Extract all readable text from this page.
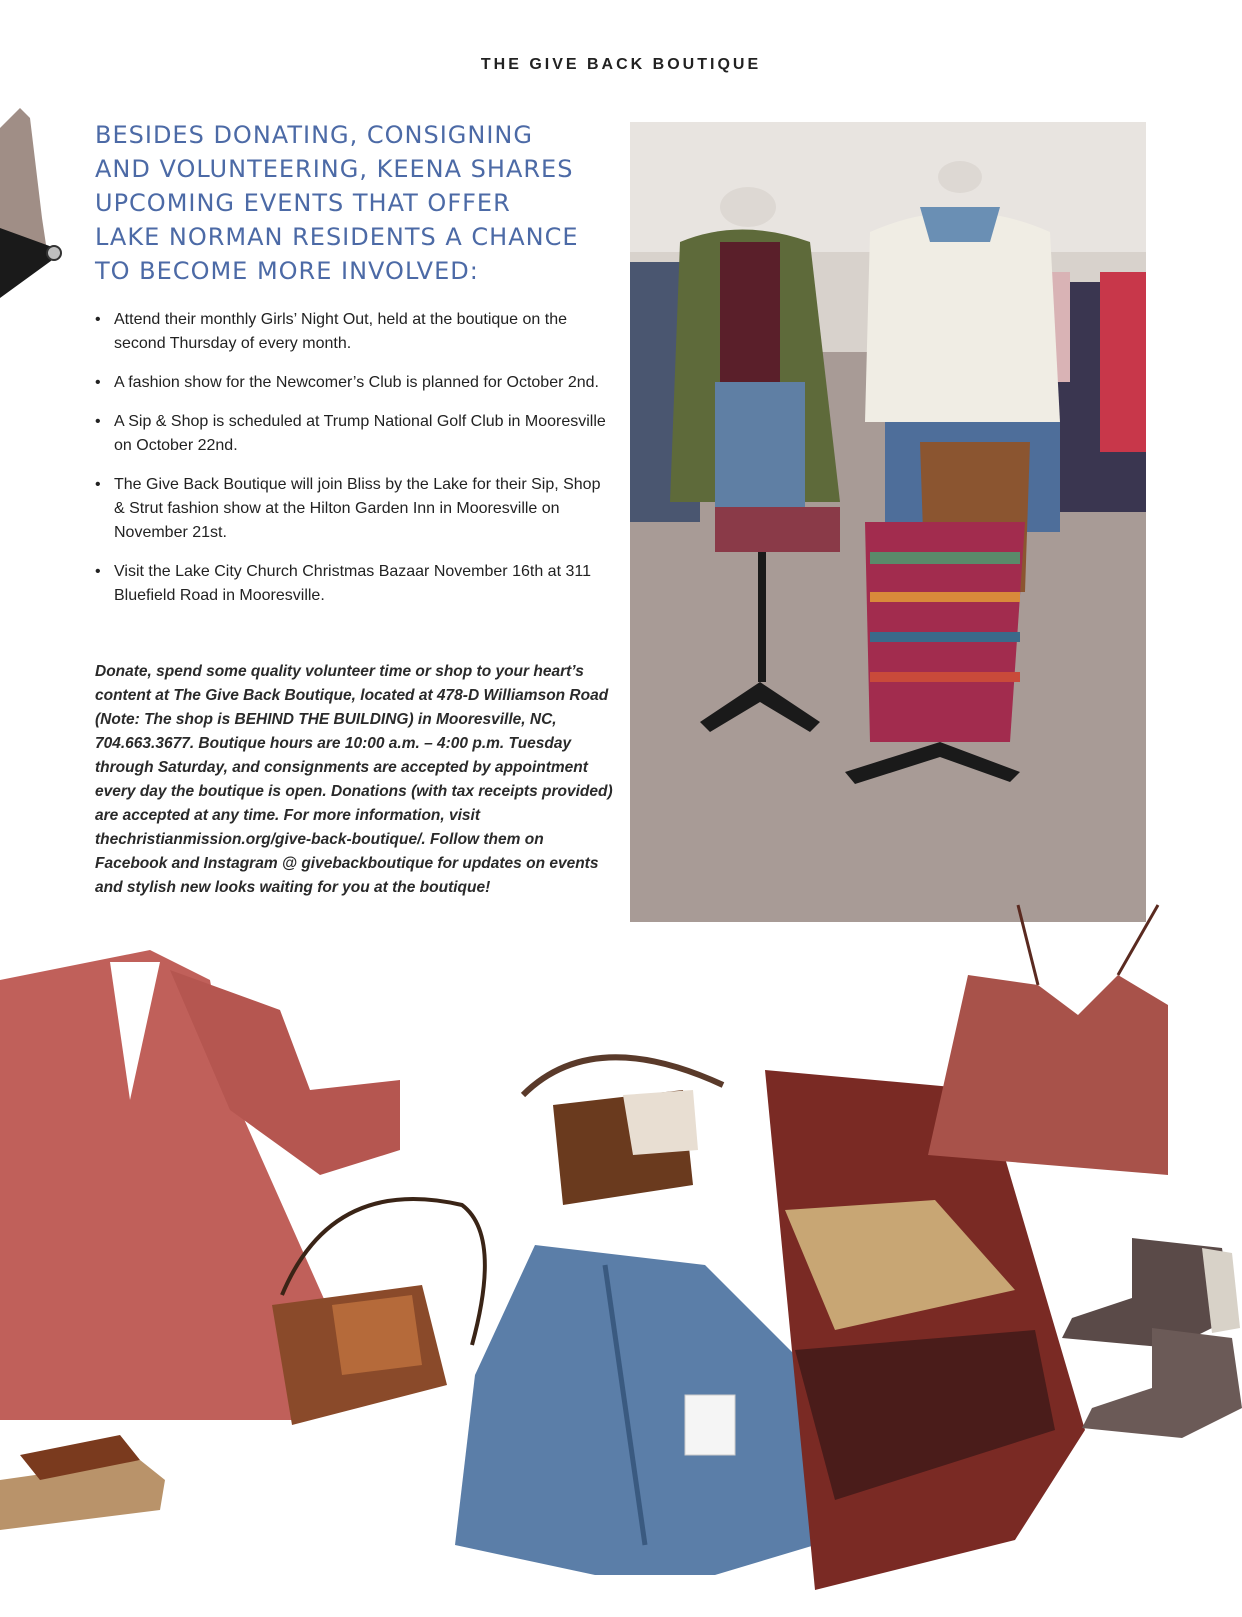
THE GIVE BACK BOUTIQUE
BESIDES DONATING, CONSIGNING
AND VOLUNTEERING, KEENA SHARES
UPCOMING EVENTS THAT OFFER
LAKE NORMAN RESIDENTS A CHANCE
TO BECOME MORE INVOLVED:
• Attend their monthly Girls’ Night Out, held at the boutique on the second Thursday of every month.
• A fashion show for the Newcomer’s Club is planned for October 2nd.
• A Sip & Shop is scheduled at Trump National Golf Club in Mooresville on October 22nd.
• The Give Back Boutique will join Bliss by the Lake for their Sip, Shop & Strut fashion show at the Hilton Garden Inn in Mooresville on November 21st.
• Visit the Lake City Church Christmas Bazaar November 16th at 311 Bluefield Road in Mooresville.

Donate, spend some quality volunteer time or shop to your heart’s content at The Give Back Boutique, located at 478-D Williamson Road (Note: The shop is BEHIND THE BUILDING) in Mooresville, NC, 704.663.3677. Boutique hours are 10:00 a.m. – 4:00 p.m. Tuesday through Saturday, and consignments are accepted by appointment every day the boutique is open. Donations (with tax receipts provided) are accepted at any time. For more information, visit thechristianmission.org/give-back-boutique/. Follow them on Facebook and Instagram @ givebackboutique for updates on events and stylish new looks waiting for you at the boutique!
